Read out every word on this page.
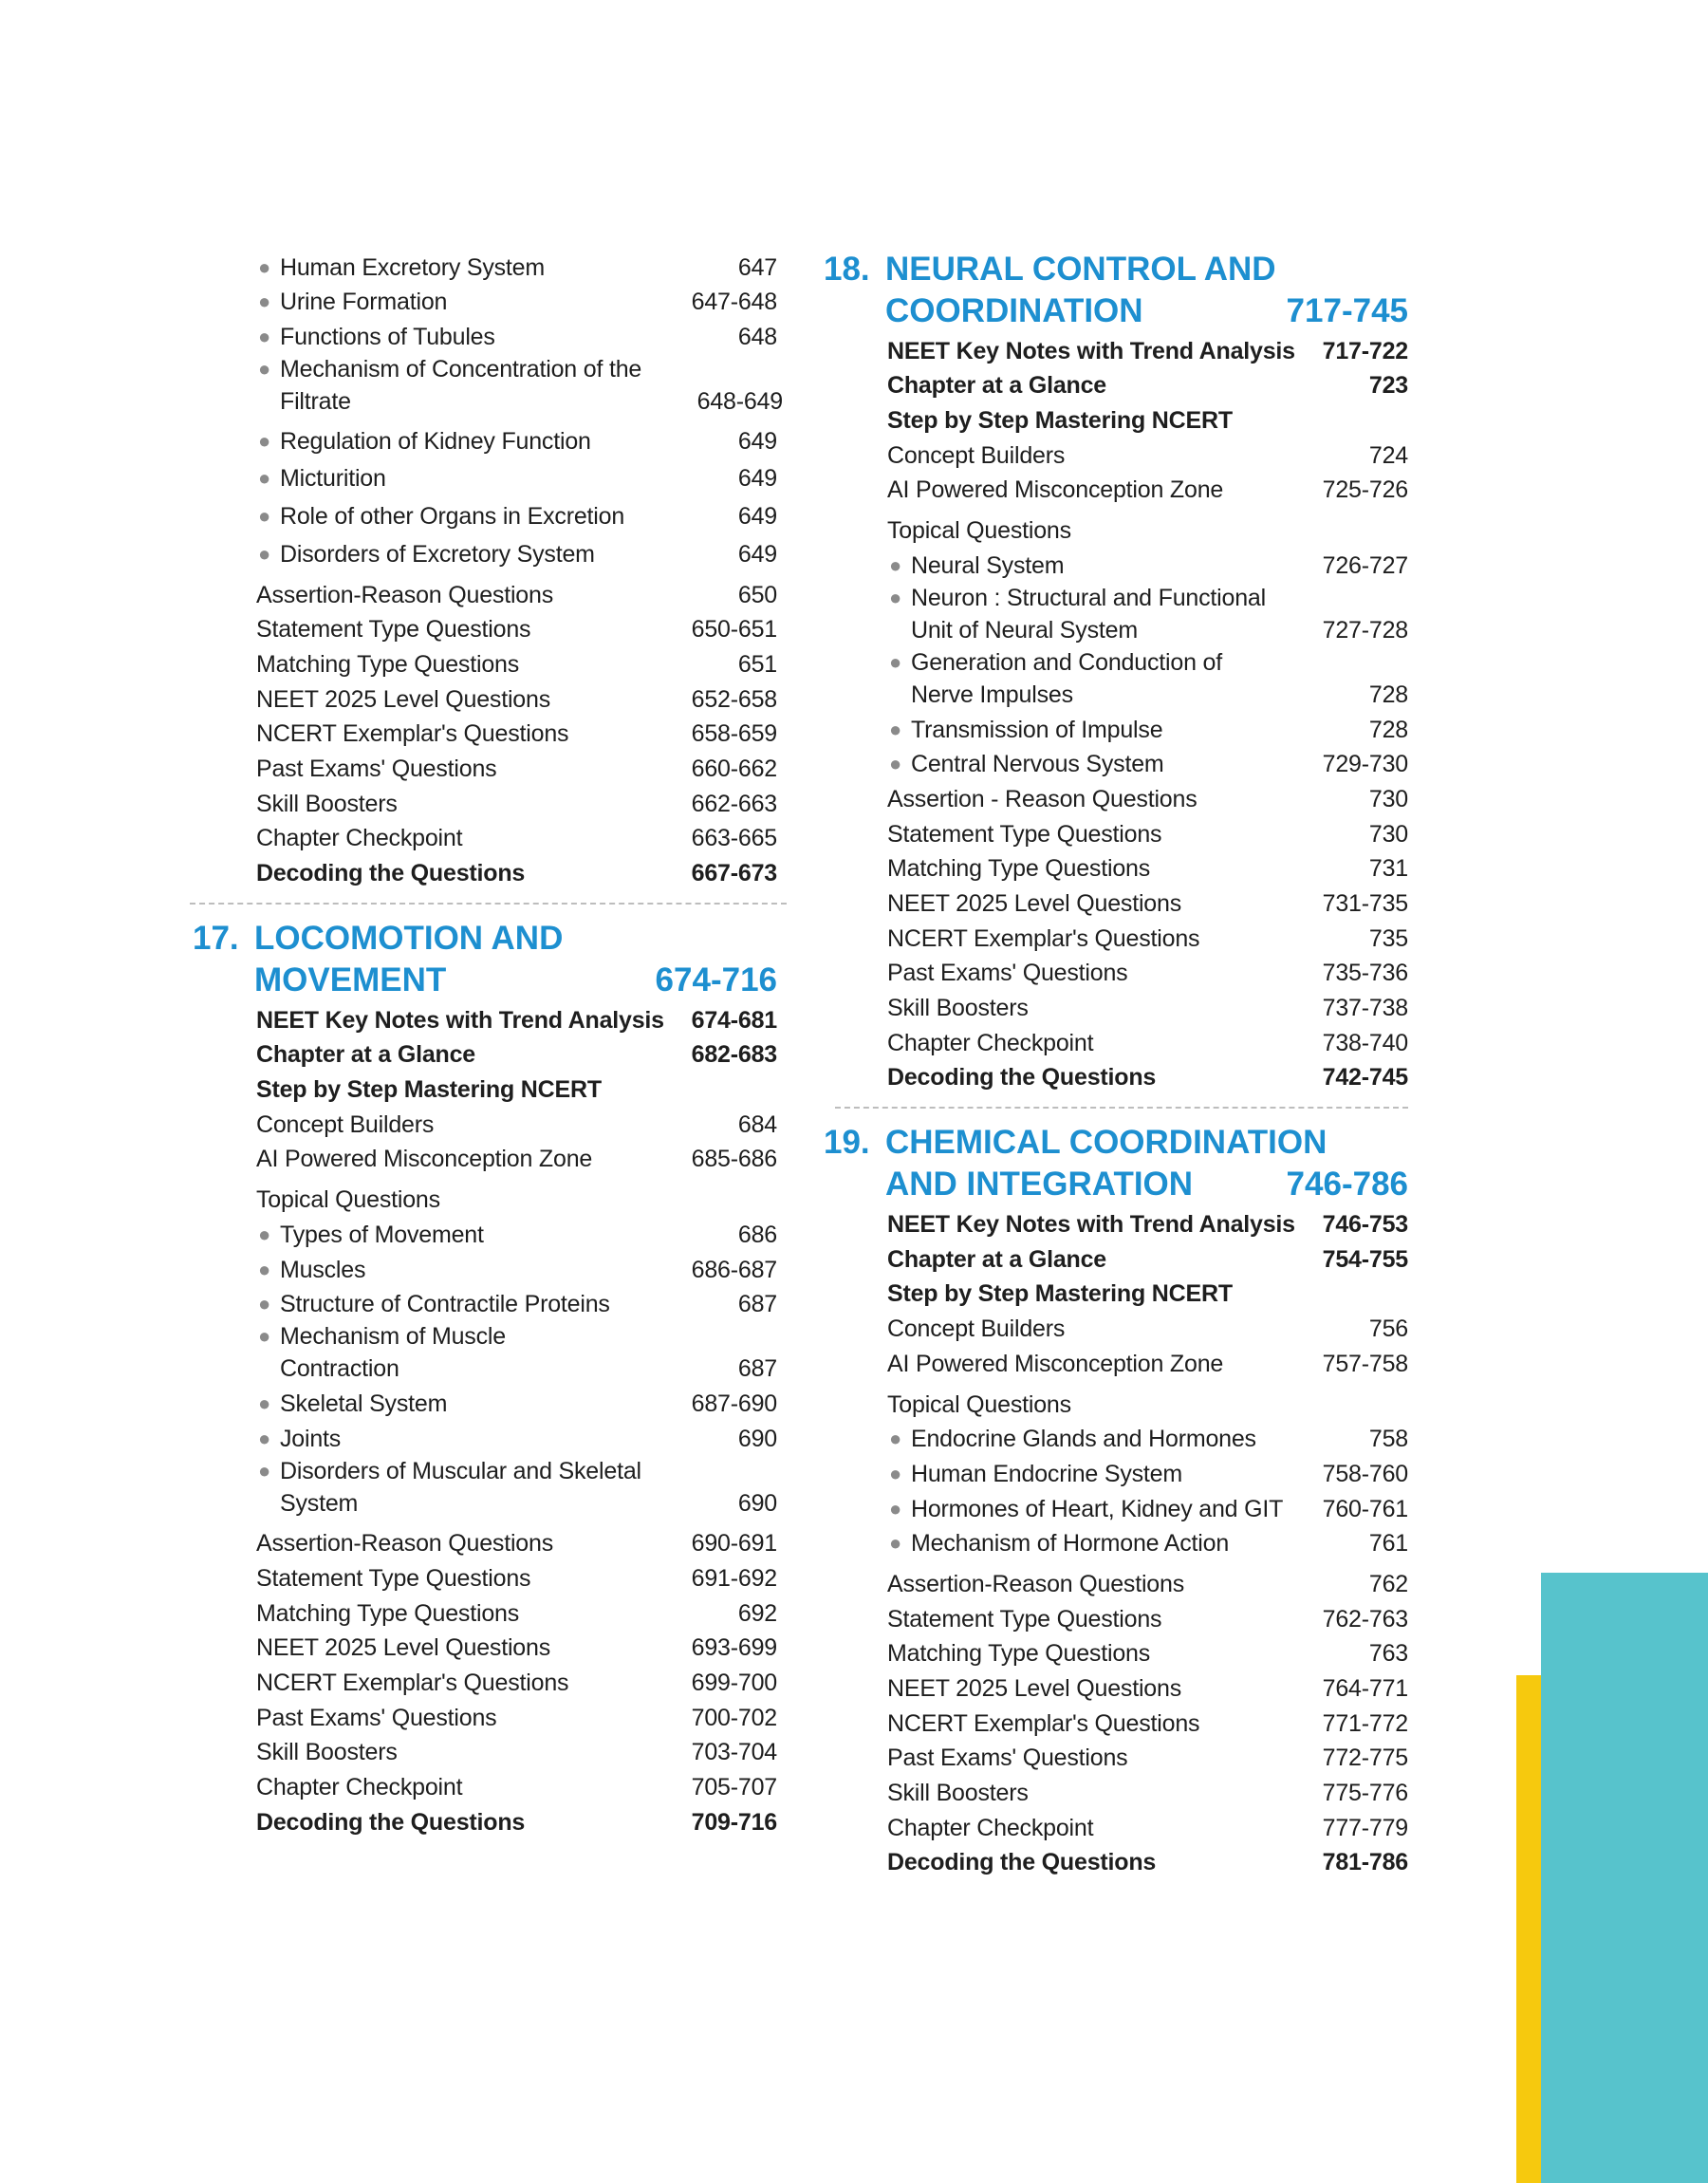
● Human Excretory System	647
● Urine Formation	647-648
● Functions of Tubules	648
● Mechanism of Concentration of the Filtrate	648-649
● Regulation of Kidney Function	649
● Micturition	649
● Role of other Organs in Excretion	649
● Disorders of Excretory System	649
Assertion-Reason Questions	650
Statement Type Questions	650-651
Matching Type Questions	651
NEET 2025 Level Questions	652-658
NCERT Exemplar's Questions	658-659
Past Exams' Questions	660-662
Skill Boosters	662-663
Chapter Checkpoint	663-665
Decoding the Questions	667-673
17. LOCOMOTION AND
MOVEMENT	674-716
NEET Key Notes with Trend Analysis	674-681
Chapter at a Glance	682-683
Step by Step Mastering NCERT
Concept Builders	684
AI Powered Misconception Zone	685-686
Topical Questions
● Types of Movement	686
● Muscles	686-687
● Structure of Contractile Proteins	687
● Mechanism of Muscle Contraction	687
● Skeletal System	687-690
● Joints	690
● Disorders of Muscular and Skeletal System	690
Assertion-Reason Questions	690-691
Statement Type Questions	691-692
Matching Type Questions	692
NEET 2025 Level Questions	693-699
NCERT Exemplar's Questions	699-700
Past Exams' Questions	700-702
Skill Boosters	703-704
Chapter Checkpoint	705-707
Decoding the Questions	709-716
18. NEURAL CONTROL AND
COORDINATION	717-745
NEET Key Notes with Trend Analysis	717-722
Chapter at a Glance	723
Step by Step Mastering NCERT
Concept Builders	724
AI Powered Misconception Zone	725-726
Topical Questions
● Neural System	726-727
● Neuron : Structural and Functional Unit of Neural System	727-728
● Generation and Conduction of Nerve Impulses	728
● Transmission of Impulse	728
● Central Nervous System	729-730
Assertion - Reason Questions	730
Statement Type Questions	730
Matching Type Questions	731
NEET 2025 Level Questions	731-735
NCERT Exemplar's Questions	735
Past Exams' Questions	735-736
Skill Boosters	737-738
Chapter Checkpoint	738-740
Decoding the Questions	742-745
19. CHEMICAL COORDINATION
AND INTEGRATION	746-786
NEET Key Notes with Trend Analysis	746-753
Chapter at a Glance	754-755
Step by Step Mastering NCERT
Concept Builders	756
AI Powered Misconception Zone	757-758
Topical Questions
● Endocrine Glands and Hormones	758
● Human Endocrine System	758-760
● Hormones of Heart, Kidney and GIT	760-761
● Mechanism of Hormone Action	761
Assertion-Reason Questions	762
Statement Type Questions	762-763
Matching Type Questions	763
NEET 2025 Level Questions	764-771
NCERT Exemplar's Questions	771-772
Past Exams' Questions	772-775
Skill Boosters	775-776
Chapter Checkpoint	777-779
Decoding the Questions	781-786
